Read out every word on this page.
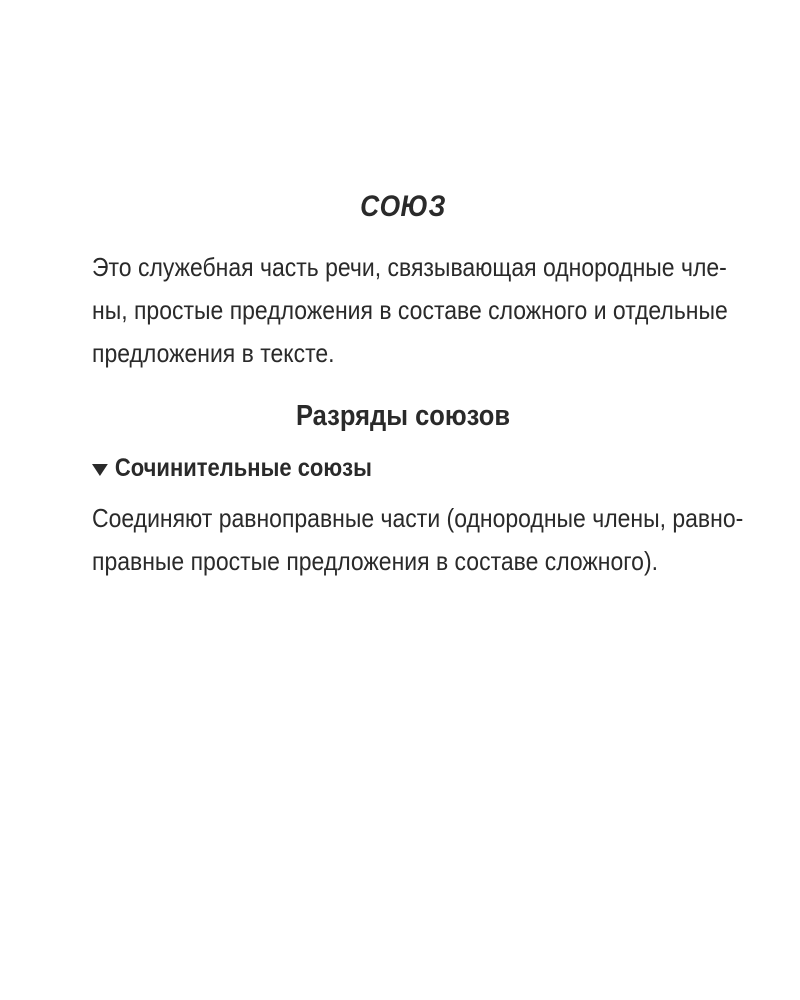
СОЮЗ

Это служебная часть речи, связывающая однородные чле-
ны, простые предложения в составе сложного и отдельные
предложения в тексте.

Разряды союзов
Сочинительные союзы

Соединяют равноправные части (однородные члены, равно-
правные простые предложения в составе сложного).
